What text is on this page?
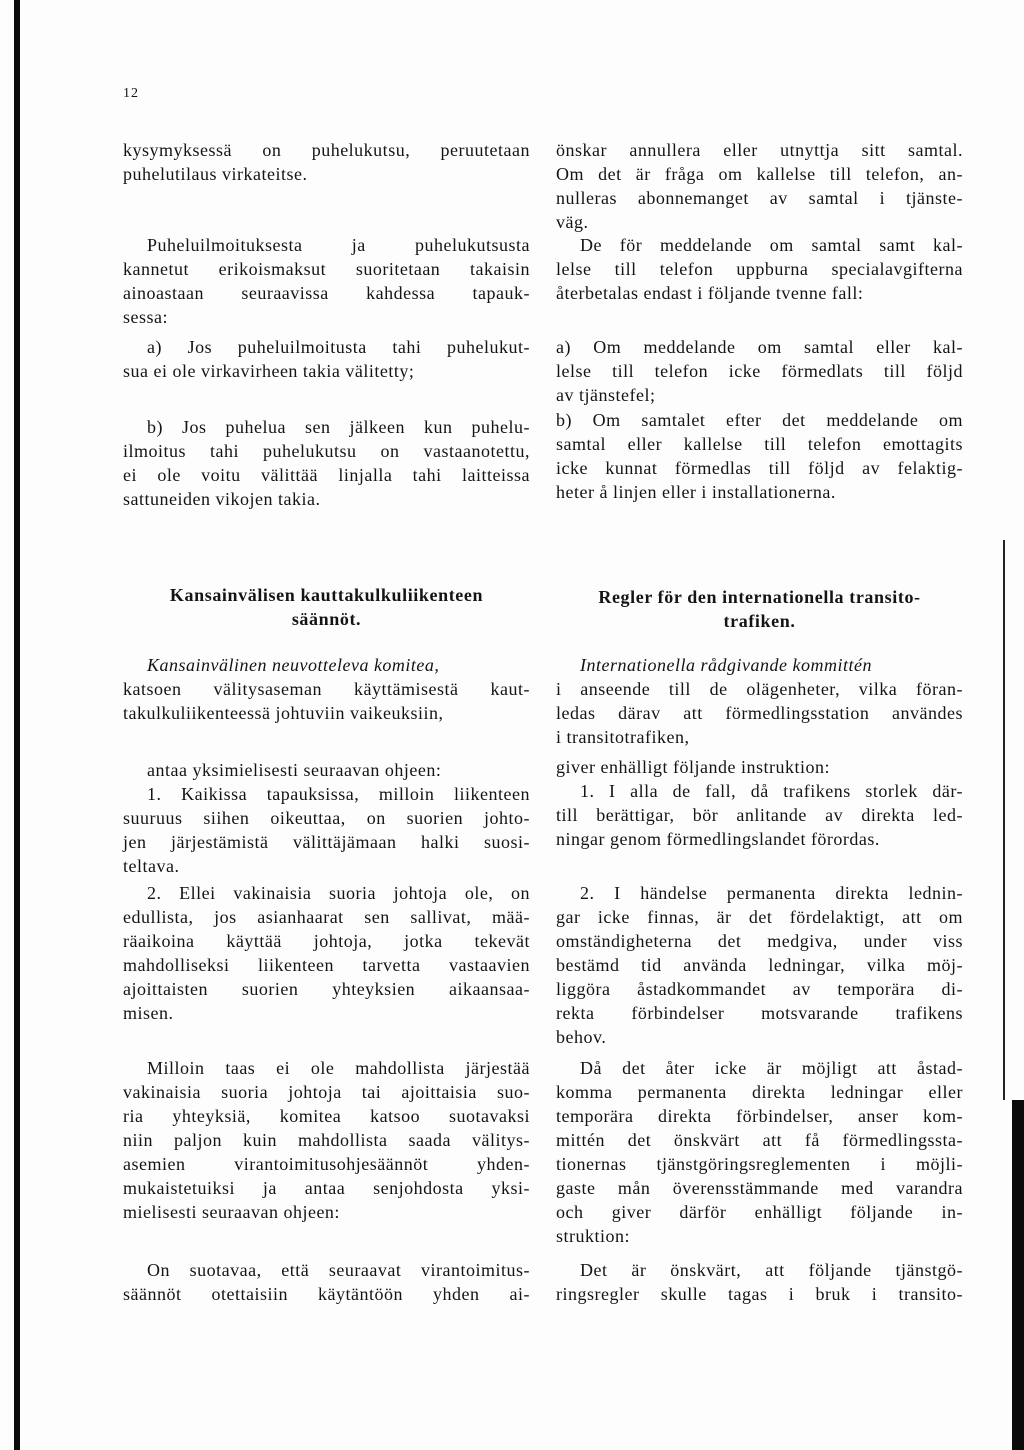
12
kysymyksessä on puhelukutsu, peruutetaan
puhelutilaus virkateitse.
Puheluilmoituksesta ja puhelukutsusta
kannetut erikoismaksut suoritetaan takaisin
ainoastaan seuraavissa kahdessa tapauk-
sessa:
a) Jos puheluilmoitusta tahi puhelukut-
sua ei ole virkavirheen takia välitetty;
b) Jos puhelua sen jälkeen kun puhelu-
ilmoitus tahi puhelukutsu on vastaanotettu,
ei ole voitu välittää linjalla tahi laitteissa
sattuneiden vikojen takia.
Kansainvälisen kauttakulkuliikenteen
säännöt.
Kansainvälinen neuvotteleva komitea,
katsoen välitysaseman käyttämisestä kaut-
takulkuliikenteessä johtuviin vaikeuksiin,
antaa yksimielisesti seuraavan ohjeen:
1. Kaikissa tapauksissa, milloin liikenteen
suuruus siihen oikeuttaa, on suorien johto-
jen järjestämistä välittäjämaan halki suosi-
teltava.
2. Ellei vakinaisia suoria johtoja ole, on
edullista, jos asianhaarat sen sallivat, mää-
räaikoina käyttää johtoja, jotka tekevät
mahdolliseksi liikenteen tarvetta vastaavien
ajoittaisten suorien yhteyksien aikaansaa-
misen.
Milloin taas ei ole mahdollista järjestää
vakinaisia suoria johtoja tai ajoittaisia suo-
ria yhteyksiä, komitea katsoo suotavaksi
niin paljon kuin mahdollista saada välitys-
asemien virantoimitusohjesäännöt yhden-
mukaistetuiksi ja antaa senjohdosta yksi-
mielisesti seuraavan ohjeen:
On suotavaa, että seuraavat virantoimitus-
säännöt otettaisiin käytäntöön yhden ai-
önskar annullera eller utnyttja sitt samtal.
Om det är fråga om kallelse till telefon, an-
nulleras abonnemanget av samtal i tjänste-
väg.
De för meddelande om samtal samt kal-
lelse till telefon uppburna specialavgifterna
återbetalas endast i följande tvenne fall:
a) Om meddelande om samtal eller kal-
lelse till telefon icke förmedlats till följd
av tjänstefel;
b) Om samtalet efter det meddelande om
samtal eller kallelse till telefon emottagits
icke kunnat förmedlas till följd av felaktig-
heter å linjen eller i installationerna.
Regler för den internationella transito-
trafiken.
Internationella rådgivande kommittén
i anseende till de olägenheter, vilka föran-
ledas därav att förmedlingsstation användes
i transitotrafiken,
giver enhälligt följande instruktion:
1. I alla de fall, då trafikens storlek där-
till berättigar, bör anlitande av direkta led-
ningar genom förmedlingslandet förordas.
2. I händelse permanenta direkta lednin-
gar icke finnas, är det fördelaktigt, att om
omständigheterna det medgiva, under viss
bestämd tid använda ledningar, vilka möj-
liggöra åstadkommandet av temporära di-
rekta förbindelser motsvarande trafikens
behov.
Då det åter icke är möjligt att åstad-
komma permanenta direkta ledningar eller
temporära direkta förbindelser, anser kom-
mittén det önskvärt att få förmedlingssta-
tionernas tjänstgöringsreglementen i möjli-
gaste mån överensstämmande med varandra
och giver därför enhälligt följande in-
struktion:
Det är önskvärt, att följande tjänstgö-
ringsregler skulle tagas i bruk i transito-
